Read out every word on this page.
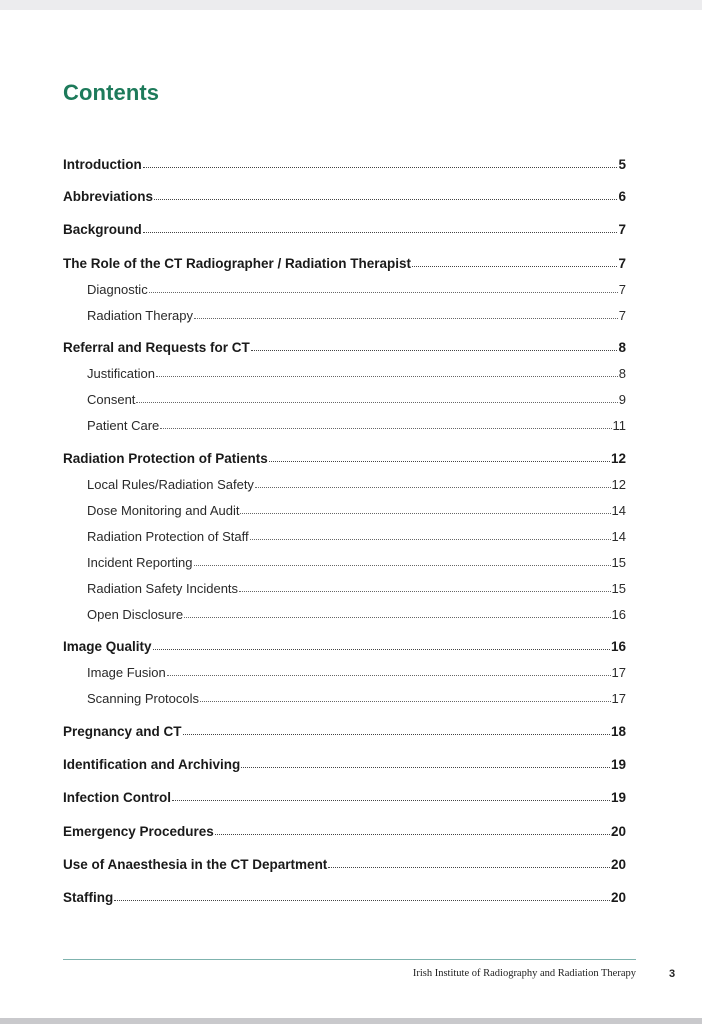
Contents
Introduction	5
Abbreviations	6
Background	7
The Role of the CT Radiographer / Radiation Therapist	7
Diagnostic	7
Radiation Therapy	7
Referral and Requests for CT	8
Justification	8
Consent	9
Patient Care	11
Radiation Protection of Patients	12
Local Rules/Radiation Safety	12
Dose Monitoring and Audit	14
Radiation Protection of Staff	14
Incident Reporting	15
Radiation Safety Incidents	15
Open Disclosure	16
Image Quality	16
Image Fusion	17
Scanning Protocols	17
Pregnancy and CT	18
Identification and Archiving	19
Infection Control	19
Emergency Procedures	20
Use of Anaesthesia in the CT Department	20
Staffing	20
Irish Institute of Radiography and Radiation Therapy	3
